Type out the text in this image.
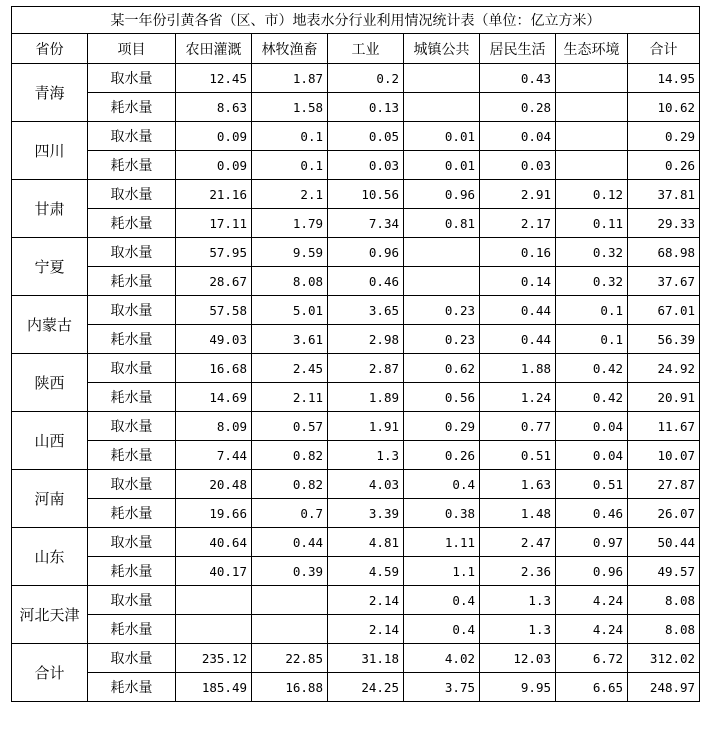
某一年份引黄各省（区、市）地表水分行业利用情况统计表（单位：亿立方米）								
省份	项目	农田灌溉	林牧渔畜	工业	城镇公共	居民生活	生态环境	合计
青海	取水量	12.45	1.87	0.2		0.43		14.95
	耗水量	8.63	1.58	0.13		0.28		10.62
四川	取水量	0.09	0.1	0.05	0.01	0.04		0.29
	耗水量	0.09	0.1	0.03	0.01	0.03		0.26
甘肃	取水量	21.16	2.1	10.56	0.96	2.91	0.12	37.81
	耗水量	17.11	1.79	7.34	0.81	2.17	0.11	29.33
宁夏	取水量	57.95	9.59	0.96		0.16	0.32	68.98
	耗水量	28.67	8.08	0.46		0.14	0.32	37.67
内蒙古	取水量	57.58	5.01	3.65	0.23	0.44	0.1	67.01
	耗水量	49.03	3.61	2.98	0.23	0.44	0.1	56.39
陕西	取水量	16.68	2.45	2.87	0.62	1.88	0.42	24.92
	耗水量	14.69	2.11	1.89	0.56	1.24	0.42	20.91
山西	取水量	8.09	0.57	1.91	0.29	0.77	0.04	11.67
	耗水量	7.44	0.82	1.3	0.26	0.51	0.04	10.07
河南	取水量	20.48	0.82	4.03	0.4	1.63	0.51	27.87
	耗水量	19.66	0.7	3.39	0.38	1.48	0.46	26.07
山东	取水量	40.64	0.44	4.81	1.11	2.47	0.97	50.44
	耗水量	40.17	0.39	4.59	1.1	2.36	0.96	49.57
河北天津	取水量			2.14	0.4	1.3	4.24	8.08
	耗水量			2.14	0.4	1.3	4.24	8.08
合计	取水量	235.12	22.85	31.18	4.02	12.03	6.72	312.02
	耗水量	185.49	16.88	24.25	3.75	9.95	6.65	248.97
